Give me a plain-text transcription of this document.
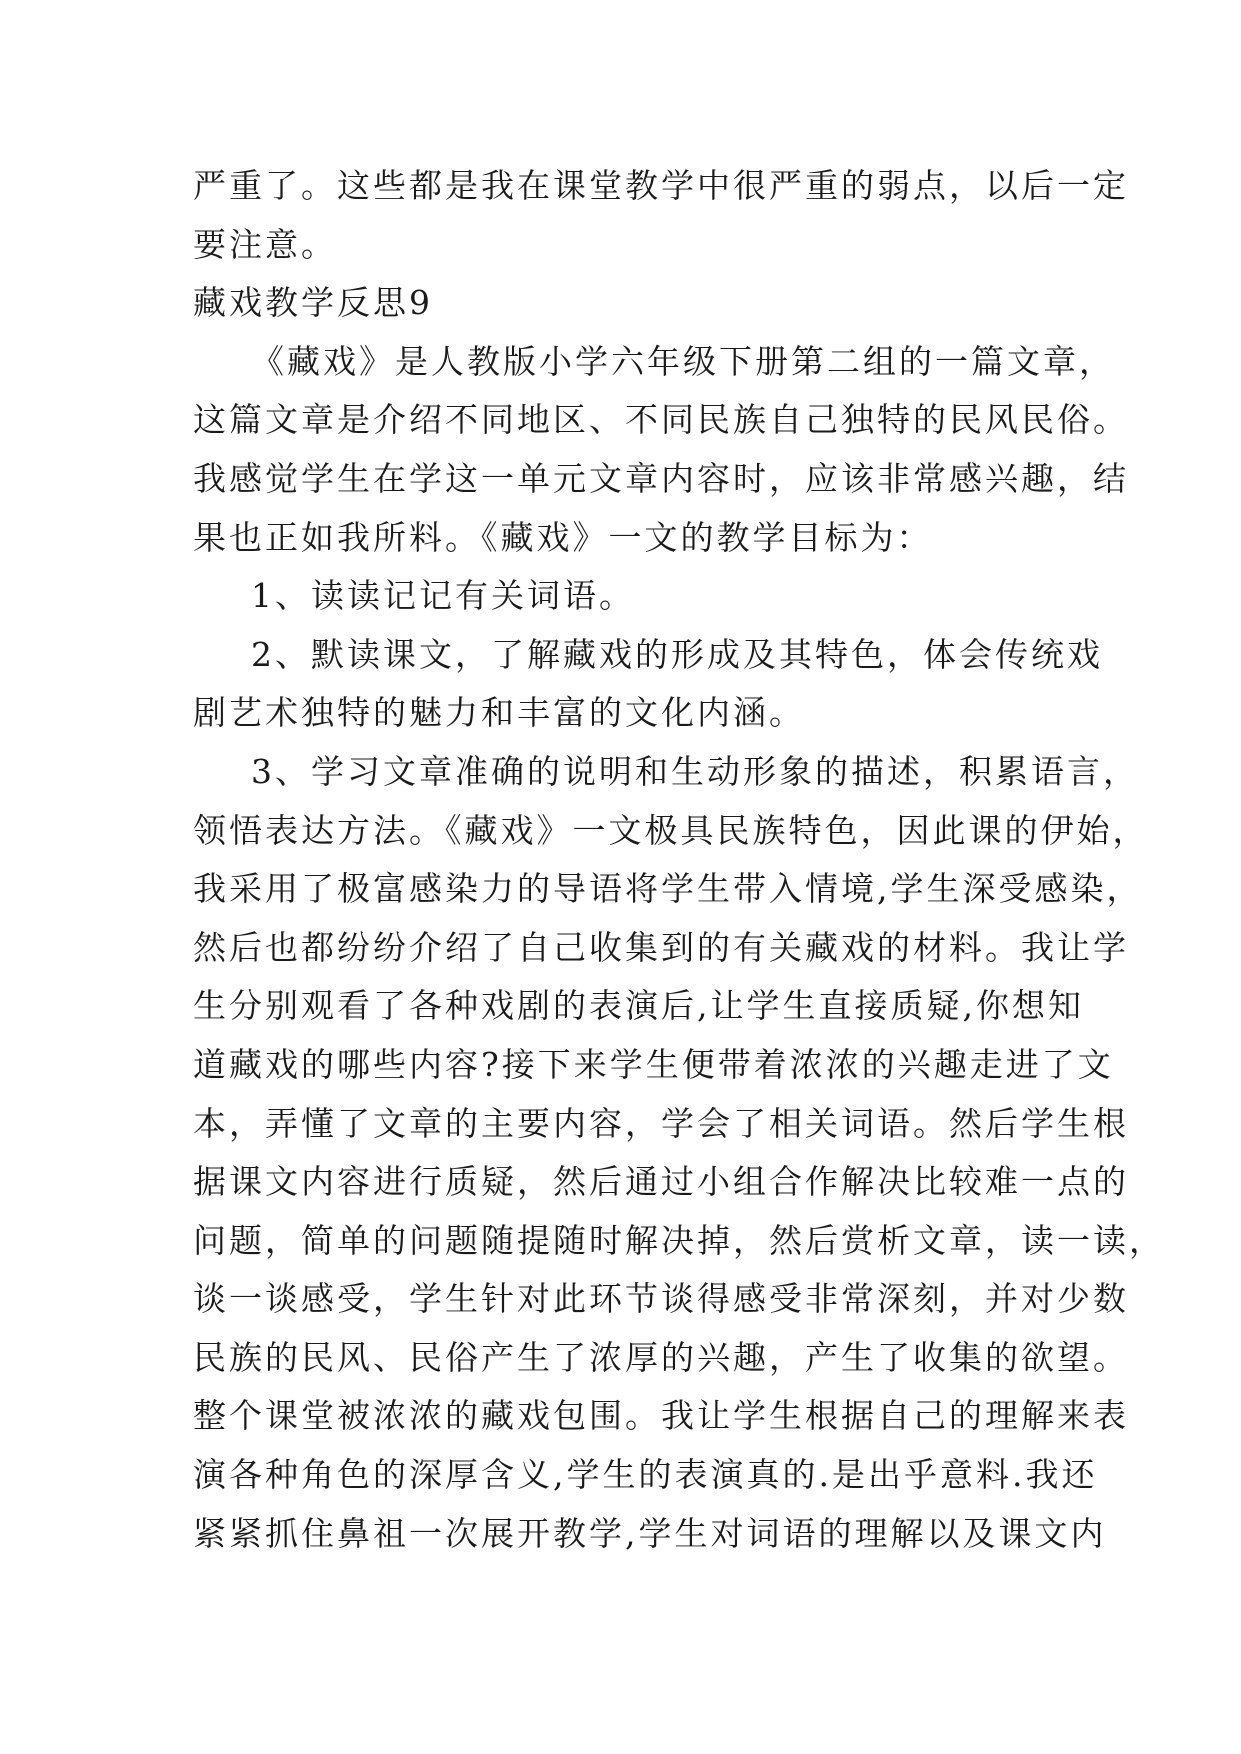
严重了。这些都是我在课堂教学中很严重的弱点，以后一定
要注意。
藏戏教学反思9
《藏戏》是人教版小学六年级下册第二组的一篇文章，
这篇文章是介绍不同地区、不同民族自己独特的民风民俗。
我感觉学生在学这一单元文章内容时，应该非常感兴趣，结
果也正如我所料。《藏戏》一文的教学目标为：
1、读读记记有关词语。
2、默读课文，了解藏戏的形成及其特色，体会传统戏
剧艺术独特的魅力和丰富的文化内涵。
3、学习文章准确的说明和生动形象的描述，积累语言，
领悟表达方法。《藏戏》一文极具民族特色，因此课的伊始，
我采用了极富感染力的导语将学生带入情境,学生深受感染，
然后也都纷纷介绍了自己收集到的有关藏戏的材料。我让学
生分别观看了各种戏剧的表演后,让学生直接质疑,你想知
道藏戏的哪些内容?接下来学生便带着浓浓的兴趣走进了文
本，弄懂了文章的主要内容，学会了相关词语。然后学生根
据课文内容进行质疑，然后通过小组合作解决比较难一点的
问题，简单的问题随提随时解决掉，然后赏析文章，读一读，
谈一谈感受，学生针对此环节谈得感受非常深刻，并对少数
民族的民风、民俗产生了浓厚的兴趣，产生了收集的欲望。
整个课堂被浓浓的藏戏包围。我让学生根据自己的理解来表
演各种角色的深厚含义,学生的表演真的.是出乎意料.我还
紧紧抓住鼻祖一次展开教学,学生对词语的理解以及课文内
